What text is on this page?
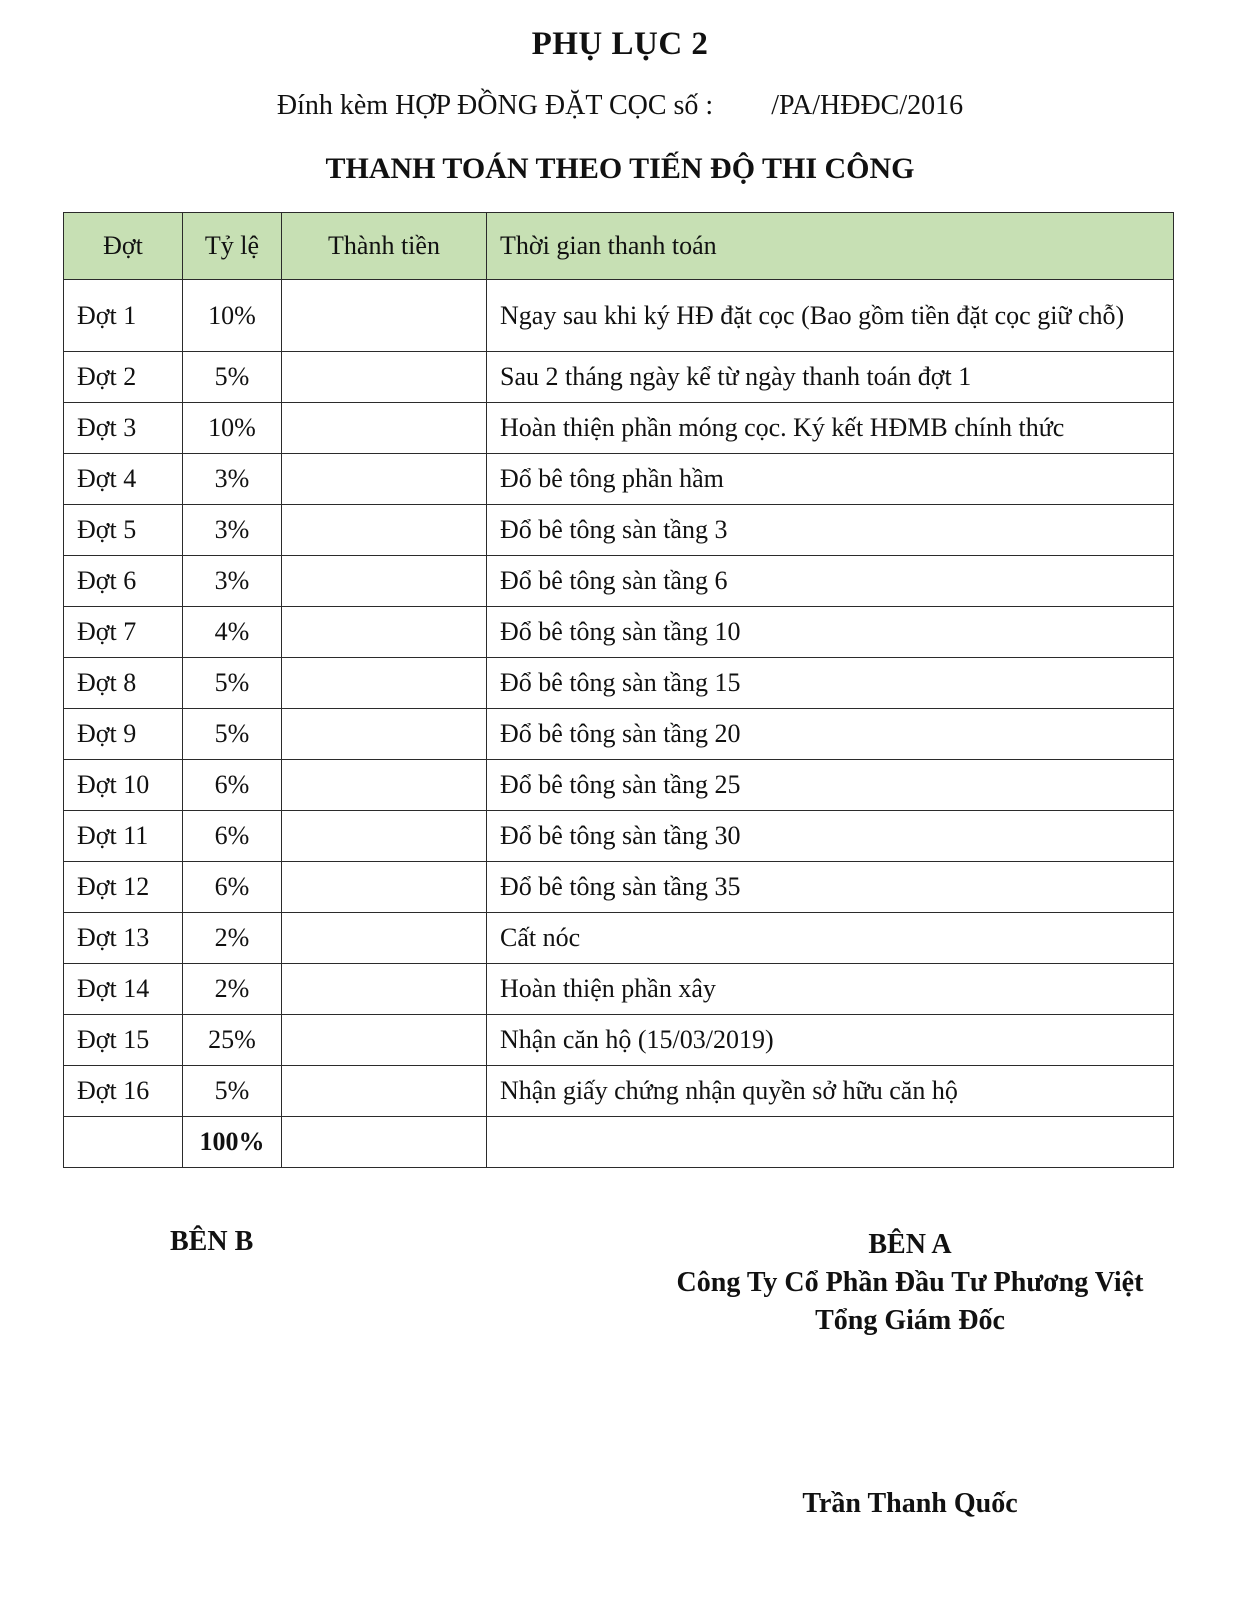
PHỤ LỤC 2
Đính kèm HỢP ĐỒNG ĐẶT CỌC số : /PA/HĐĐC/2016
THANH TOÁN THEO TIẾN ĐỘ THI CÔNG
Đợt	Tỷ lệ	Thành tiền	Thời gian thanh toán
Đợt 1	10%		Ngay sau khi ký HĐ đặt cọc (Bao gồm tiền đặt cọc giữ chỗ)
Đợt 2	5%		Sau 2 tháng ngày kể từ ngày thanh toán đợt 1
Đợt 3	10%		Hoàn thiện phần móng cọc. Ký kết HĐMB chính thức
Đợt 4	3%		Đổ bê tông phần hầm
Đợt 5	3%		Đổ bê tông sàn tầng 3
Đợt 6	3%		Đổ bê tông sàn tầng 6
Đợt 7	4%		Đổ bê tông sàn tầng 10
Đợt 8	5%		Đổ bê tông sàn tầng 15
Đợt 9	5%		Đổ bê tông sàn tầng 20
Đợt 10	6%		Đổ bê tông sàn tầng 25
Đợt 11	6%		Đổ bê tông sàn tầng 30
Đợt 12	6%		Đổ bê tông sàn tầng 35
Đợt 13	2%		Cất nóc
Đợt 14	2%		Hoàn thiện phần xây
Đợt 15	25%		Nhận căn hộ (15/03/2019)
Đợt 16	5%		Nhận giấy chứng nhận quyền sở hữu căn hộ
	100%		
BÊN B	BÊN A
Công Ty Cổ Phần Đầu Tư Phương Việt
Tổng Giám Đốc
Trần Thanh Quốc
